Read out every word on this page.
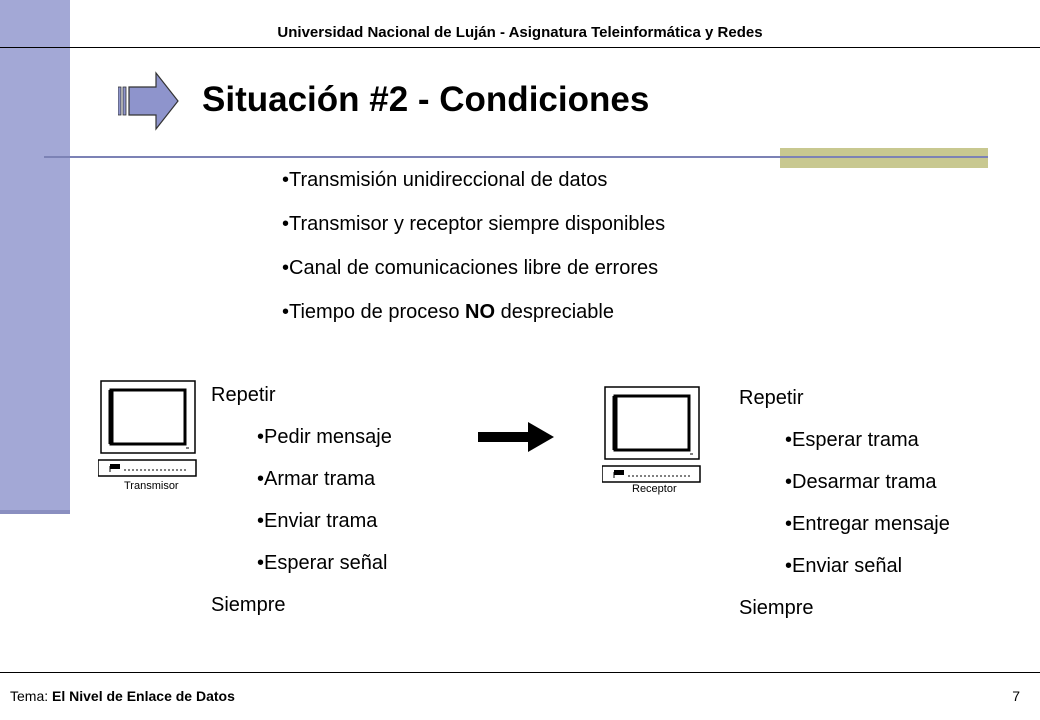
Universidad Nacional de Luján - Asignatura Teleinformática y Redes
Situación #2 - Condiciones
• Transmisión unidireccional de datos
• Transmisor y receptor siempre disponibles
• Canal de comunicaciones libre de errores
• Tiempo de proceso NO despreciable
Transmisor
Repetir
• Pedir mensaje
• Armar trama
• Enviar trama
• Esperar señal
Siempre
Receptor
Repetir
• Esperar trama
• Desarmar trama
• Entregar mensaje
• Enviar señal
Siempre
Tema: El Nivel de Enlace de Datos	7
